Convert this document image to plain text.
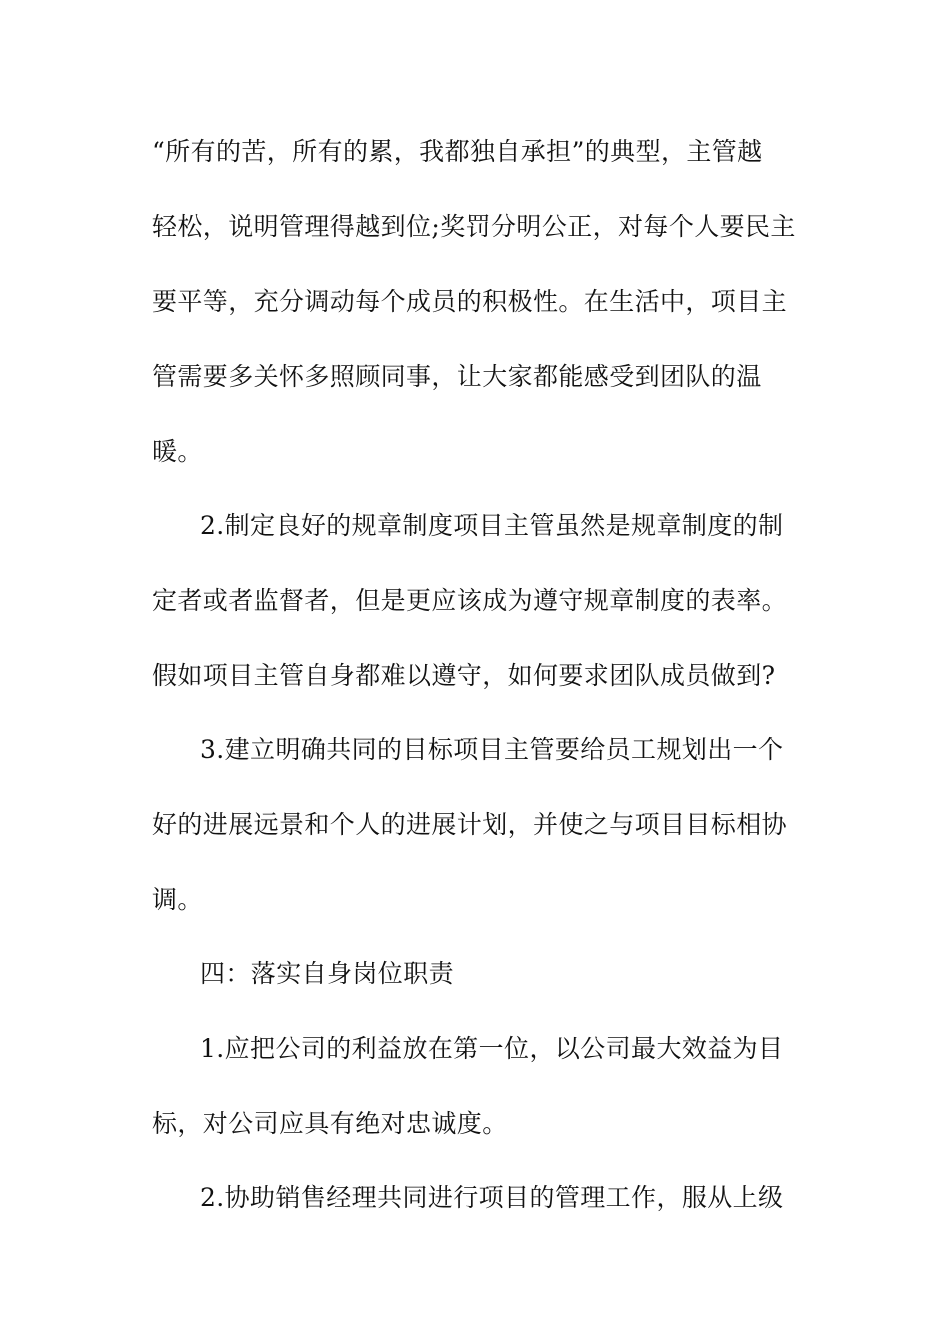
“所有的苦，所有的累，我都独自承担”的典型，主管越
轻松，说明管理得越到位;奖罚分明公正，对每个人要民主
要平等，充分调动每个成员的积极性。在生活中，项目主
管需要多关怀多照顾同事，让大家都能感受到团队的温
暖。
2.制定良好的规章制度项目主管虽然是规章制度的制
定者或者监督者，但是更应该成为遵守规章制度的表率。
假如项目主管自身都难以遵守，如何要求团队成员做到?
3.建立明确共同的目标项目主管要给员工规划出一个
好的进展远景和个人的进展计划，并使之与项目目标相协
调。
四：落实自身岗位职责
1.应把公司的利益放在第一位，以公司最大效益为目
标，对公司应具有绝对忠诚度。
2.协助销售经理共同进行项目的管理工作，服从上级
